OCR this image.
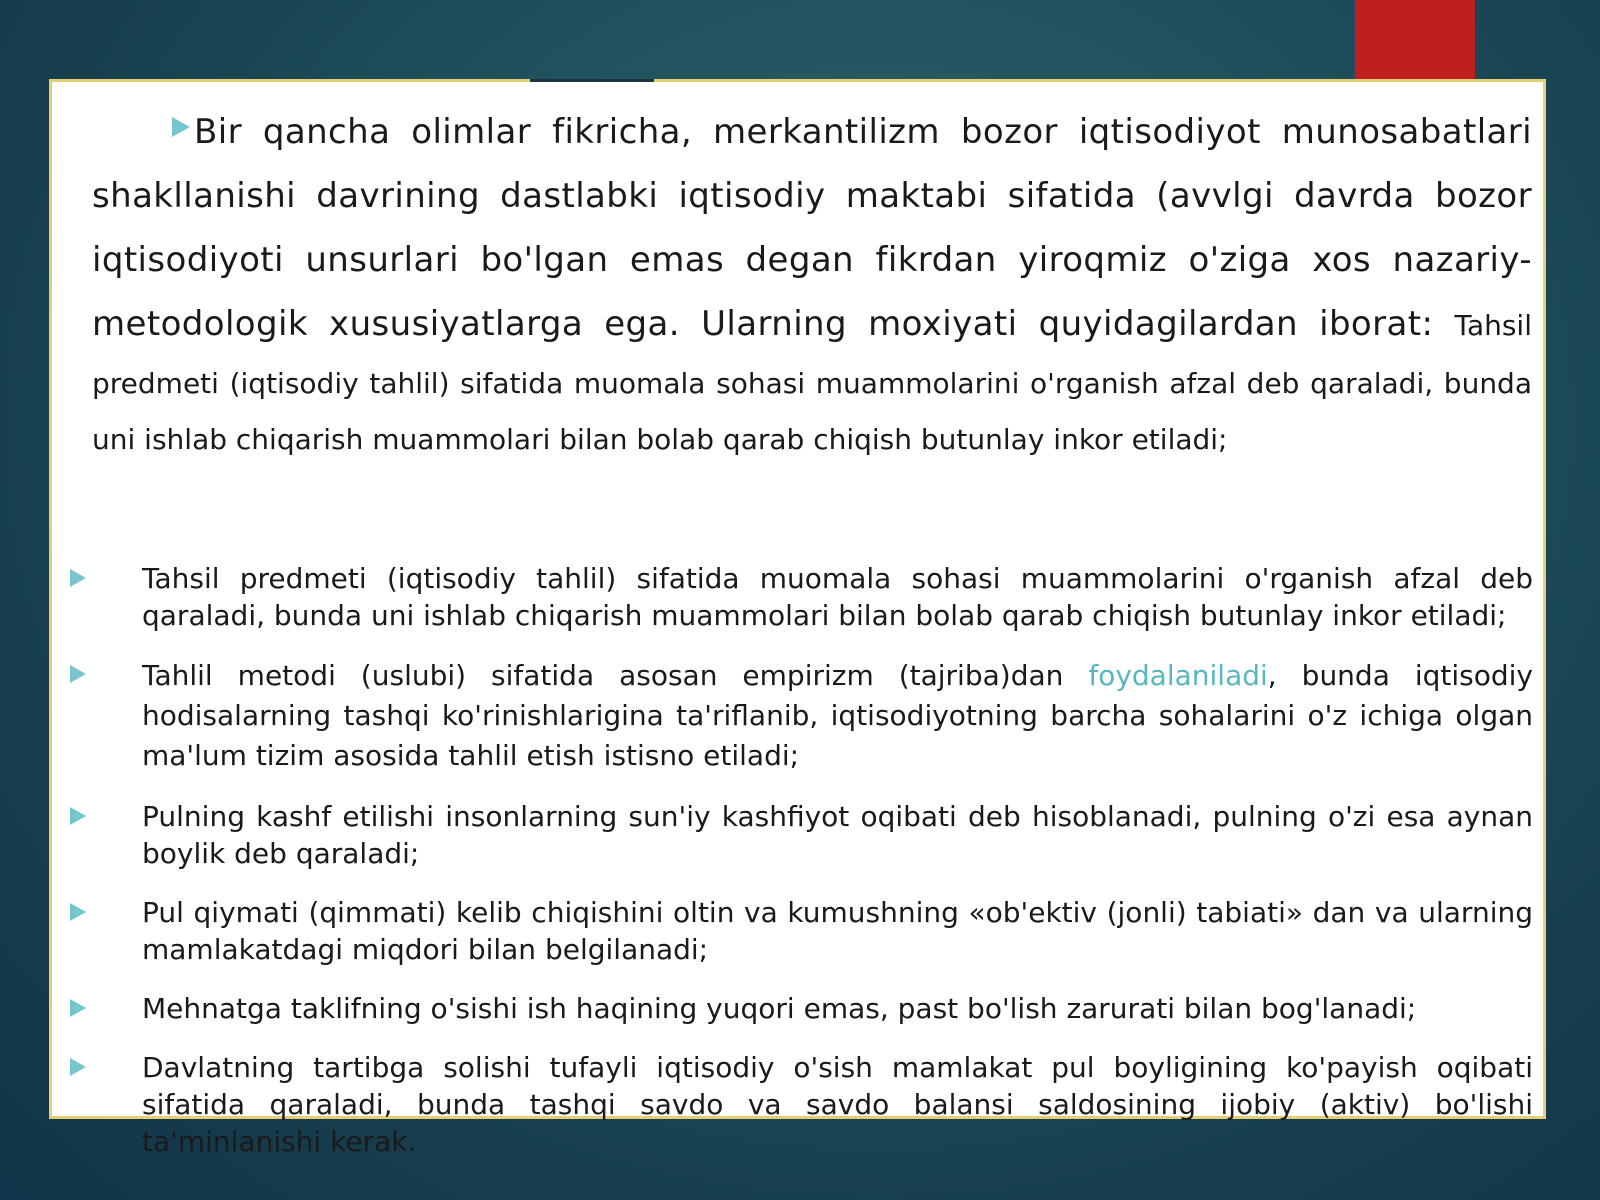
Bir qancha olimlar fikricha, merkantilizm bozor iqtisodiyot munosabatlari shakllanishi davrining dastlabki iqtisodiy maktabi sifatida (avvlgi davrda bozor iqtisodiyoti unsurlari bo'lgan emas degan fikrdan yiroqmiz o'ziga xos nazariy-metodologik xususiyatlarga ega. Ularning moxiyati quyidagilardan iborat: Tahsil predmeti (iqtisodiy tahlil) sifatida muomala sohasi muammolarini o'rganish afzal deb qaraladi, bunda uni ishlab chiqarish muammolari bilan bolab qarab chiqish butunlay inkor etiladi;

Tahsil predmeti (iqtisodiy tahlil) sifatida muomala sohasi muammolarini o'rganish afzal deb qaraladi, bunda uni ishlab chiqarish muammolari bilan bolab qarab chiqish butunlay inkor etiladi;
Tahlil metodi (uslubi) sifatida asosan empirizm (tajriba)dan foydalaniladi, bunda iqtisodiy hodisalarning tashqi ko'rinishlarigina ta'riflanib, iqtisodiyotning barcha sohalarini o'z ichiga olgan ma'lum tizim asosida tahlil etish istisno etiladi;
Pulning kashf etilishi insonlarning sun'iy kashfiyot oqibati deb hisoblanadi, pulning o'zi esa aynan boylik deb qaraladi;
Pul qiymati (qimmati) kelib chiqishini oltin va kumushning «ob'ektiv (jonli) tabiati» dan va ularning mamlakatdagi miqdori bilan belgilanadi;
Mehnatga taklifning o'sishi ish haqining yuqori emas, past bo'lish zarurati bilan bog'lanadi;
Davlatning tartibga solishi tufayli iqtisodiy o'sish mamlakat pul boyligining ko'payish oqibati sifatida qaraladi, bunda tashqi savdo va savdo balansi saldosining ijobiy (aktiv) bo'lishi ta'minlanishi kerak.
